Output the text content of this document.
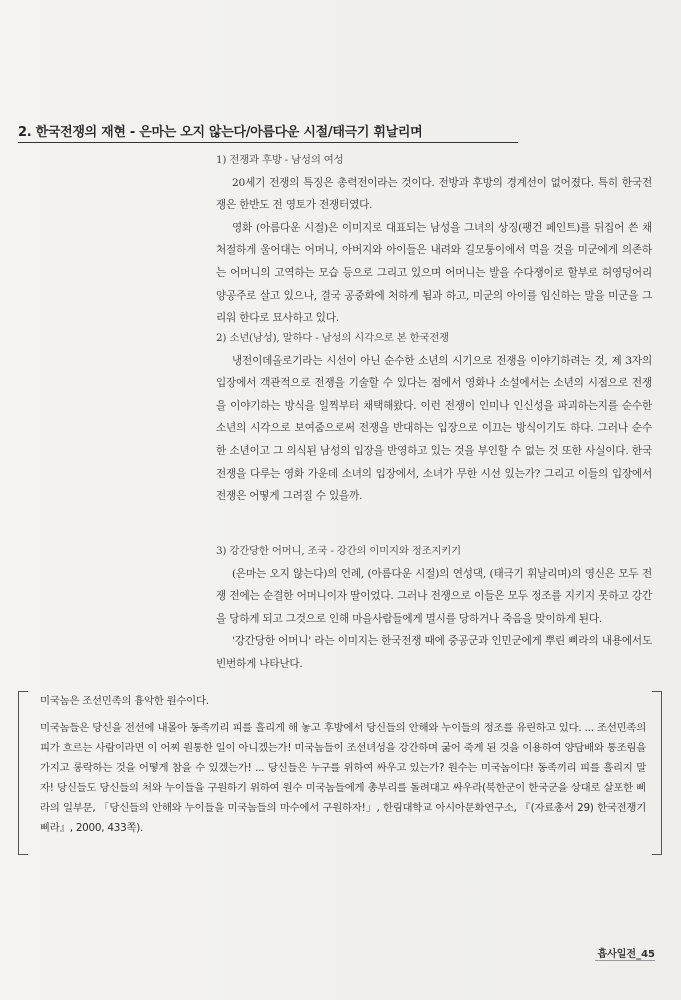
2. 한국전쟁의 재현 - 은마는 오지 않는다/아름다운 시절/태극기 휘날리며

1) 전쟁과 후방 - 남성의 여성

20세기 전쟁의 특징은 총력전이라는 것이다. 전방과 후방의 경계선이 없어졌다. 특히 한국전쟁은 한반도 전 영토가 전쟁터였다.

영화 (아름다운 시절)은 이미지로 대표되는 남성을 그녀의 상징(팽건 페인트)를 뒤집어 쓴 채 처절하게 울어대는 어머니, 아버지와 아이들은 내려와 길모퉁이에서 먹을 것을 미군에게 의존하는 어머니의 고역하는 모습 등으로 그리고 있으며 어머니는 발을 수다쟁이로 할부로 허영덩어리 양공주로 살고 있으나, 결국 공중화에 처하게 됨과 하고, 미군의 아이를 임신하는 말을 미군을 그리워 한다로 묘사하고 있다.

2) 소년(남성), 말하다 - 남성의 시각으로 본 한국전쟁

냉전이데올로기라는 시선이 아닌 순수한 소년의 시기으로 전쟁을 이야기하려는 것, 제 3자의 입장에서 객관적으로 전쟁을 기술할 수 있다는 점에서 영화나 소설에서는 소년의 시점으로 전쟁을 이야기하는 방식을 일찍부터 채택해왔다. 이런 전쟁이 인미나 인신성을 파괴하는지를 순수한 소년의 시각으로 보여줌으로써 전쟁을 반대하는 입장으로 이끄는 방식이기도 하다. 그러나 순수한 소년이고 그 의식된 남성의 입장을 반영하고 있는 것을 부인할 수 없는 것 또한 사실이다. 한국전쟁을 다루는 영화 가운데 소녀의 입장에서, 소녀가 무한 시선 있는가? 그리고 이들의 입장에서 전쟁은 어떻게 그려질 수 있을까.

3) 강간당한 어머니, 조국 - 강간의 이미지와 정조지키기

(은마는 오지 않는다)의 언례, (아름다운 시절)의 연성댁, (태극기 휘날리며)의 영신은 모두 전쟁 전에는 순결한 어머니이자 딸이었다. 그러나 전쟁으로 이들은 모두 정조를 지키지 못하고 강간을 당하게 되고 그것으로 인해 마을사람들에게 멸시를 당하거나 죽음을 맞이하게 된다.

'강간당한 어머니' 라는 이미지는 한국전쟁 때에 중공군과 인민군에게 뿌린 삐라의 내용에서도 빈번하게 나타난다.

미국놈은 조선민족의 흉악한 원수이다.

미국놈들은 당신을 전선에 내몰아 동족끼리 피를 흘리게 해 놓고 후방에서 당신들의 안해와 누이들의 정조를 유린하고 있다. ... 조선민족의 피가 흐르는 사람이라면 이 어찌 원통한 일이 아니겠는가! 미국놈들이 조선녀성을 강간하며 굶어 죽게 된 것을 이용하여 양담배와 통조림을 가지고 롱락하는 것을 어떻게 참을 수 있겠는가! ... 당신들은 누구를 위하여 싸우고 있는가? 원수는 미국놈이다! 동족끼리 피를 흘리지 말자! 당신들도 당신들의 처와 누이들을 구원하기 위하여 원수 미국놈들에게 총부리를 돌려대고 싸우라(북한군이 한국군을 상대로 살포한 삐라의 일부문, 「당신들의 안해와 누이들을 미국놈들의 마수에서 구원하자!」, 한림대학교 아시아문화연구소, 『(자료총서 29) 한국전쟁기 삐라』, 2000, 433쪽).

흡사일전_45
